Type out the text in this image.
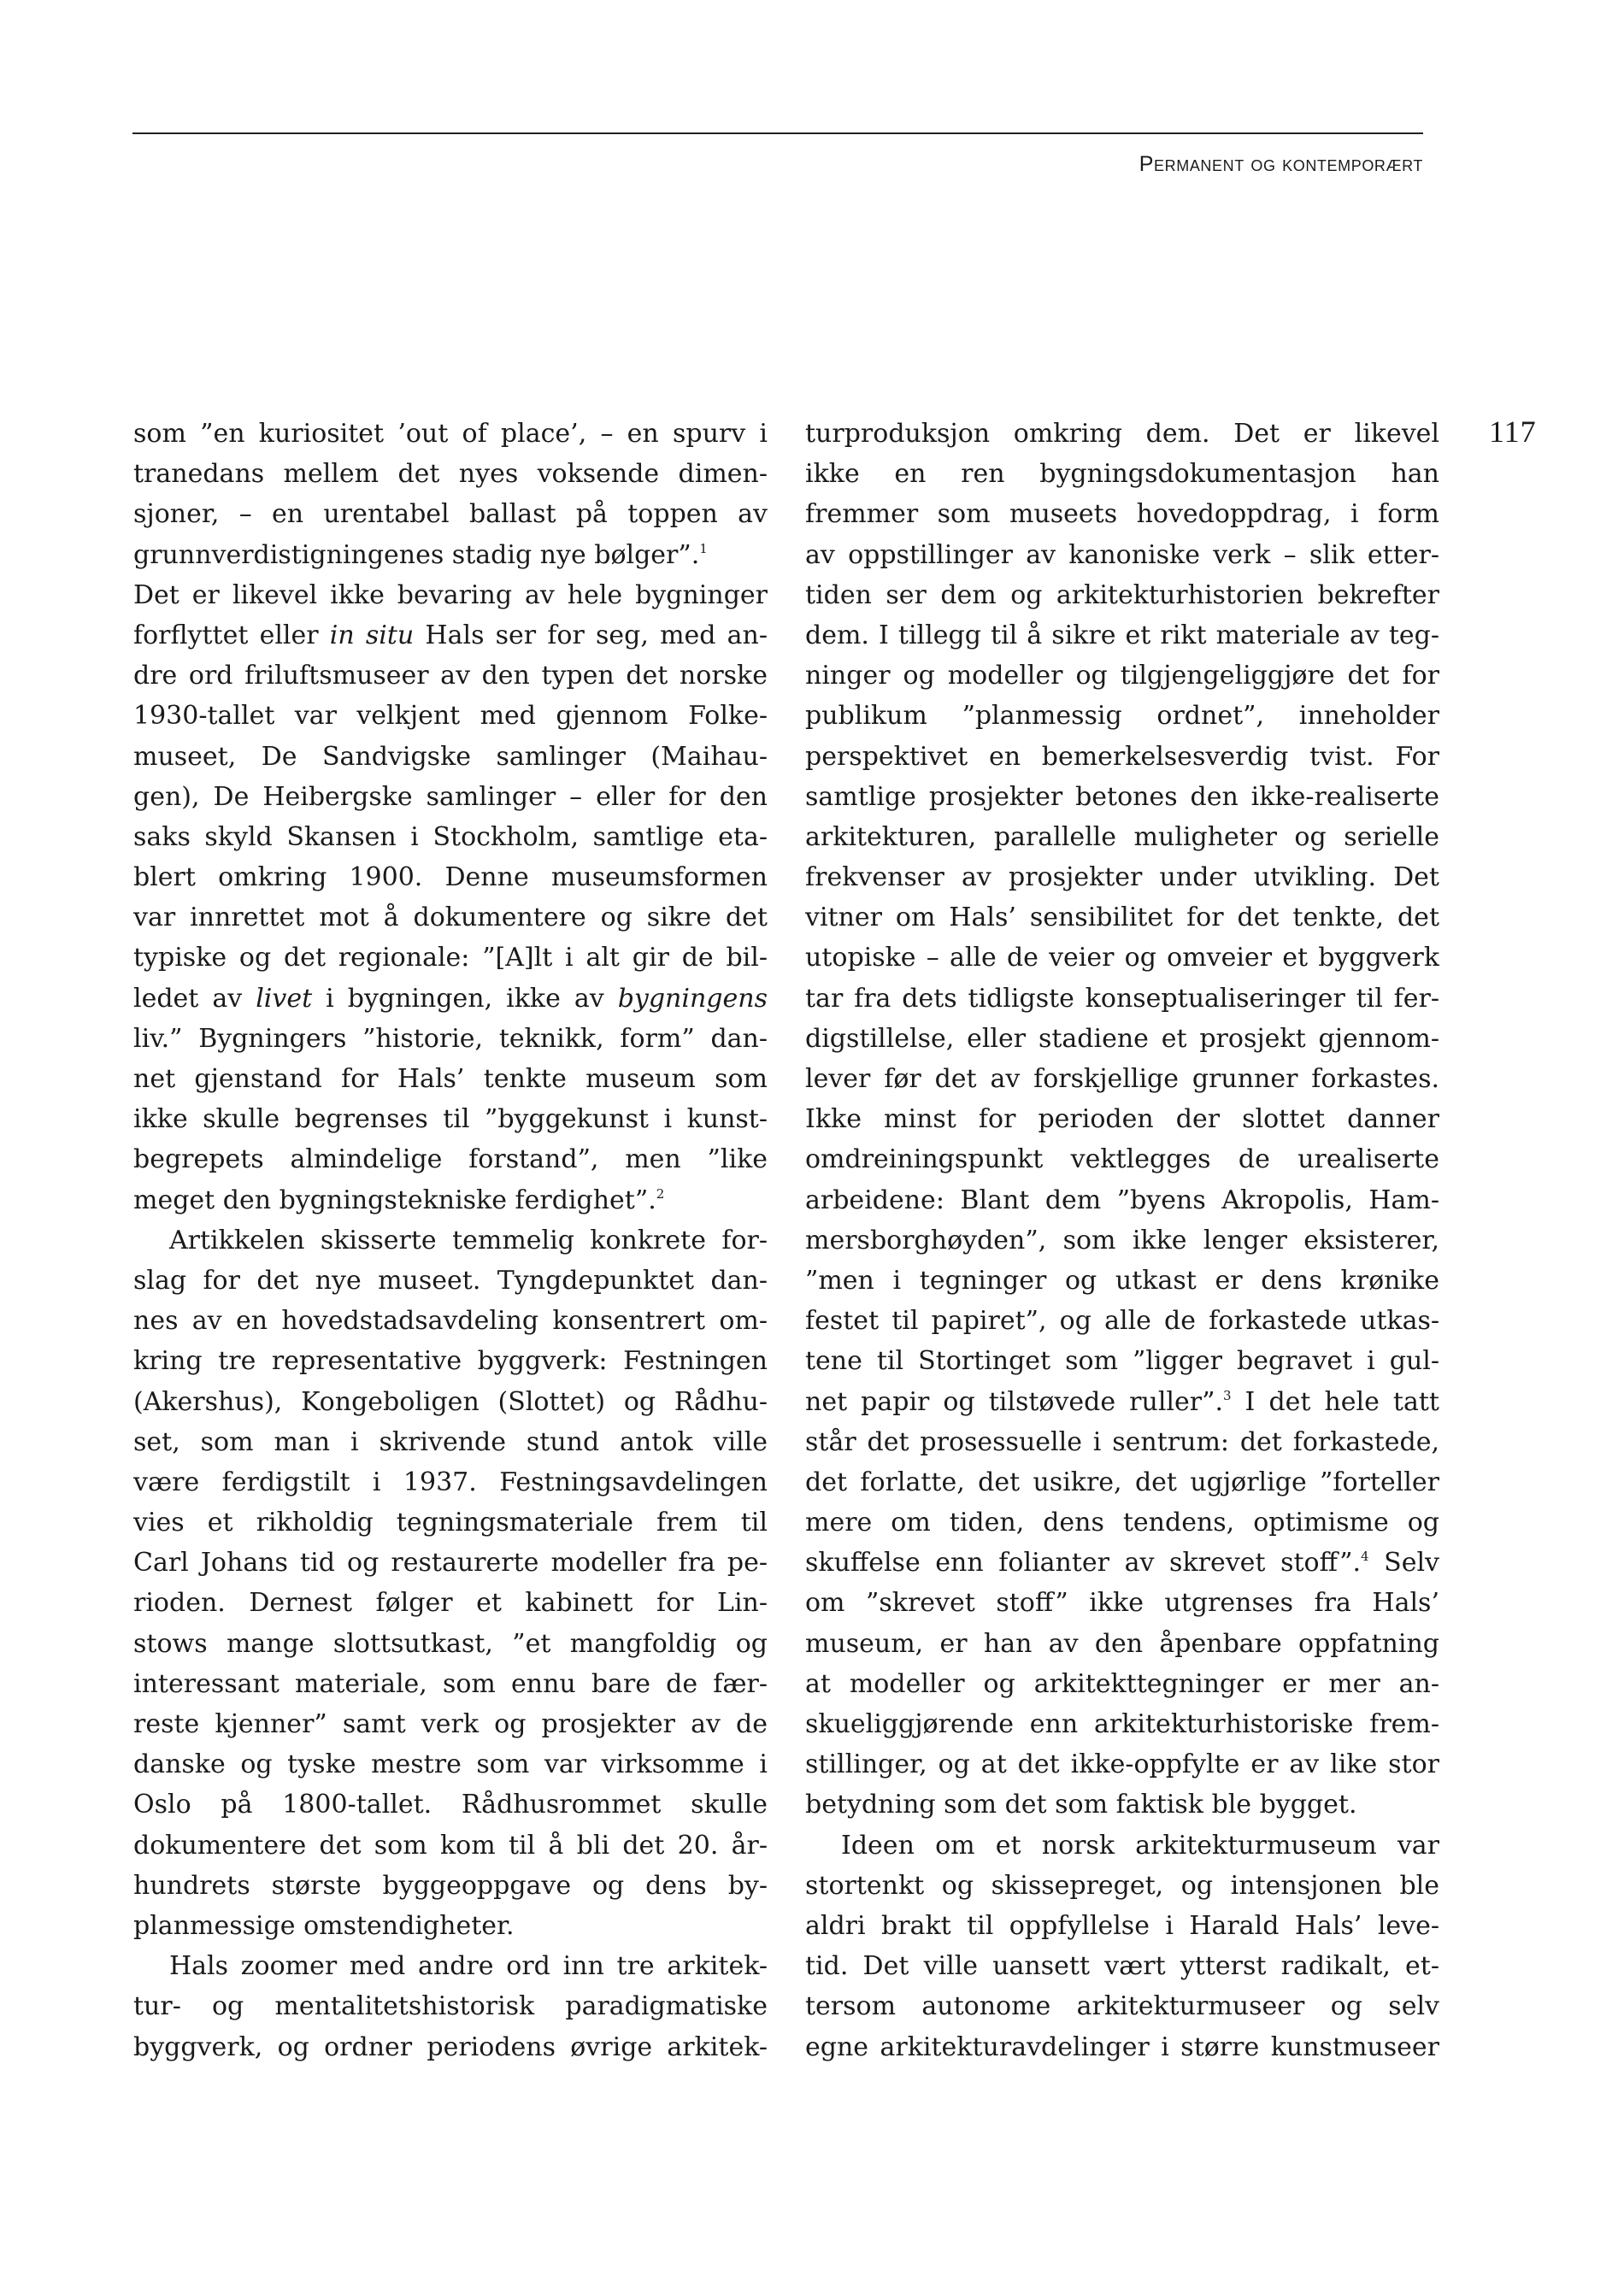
Permanent og kontemporært
117
som ”en kuriositet ’out of place’, – en spurv i
tranedans mellem det nyes voksende dimen-
sjoner, – en urentabel ballast på toppen av
grunnverdistigningenes stadig nye bølger”.$^1$
Det er likevel ikke bevaring av hele bygninger
forflyttet eller in situ Hals ser for seg, med an-
dre ord friluftsmuseer av den typen det norske
1930-tallet var velkjent med gjennom Folke-
museet, De Sandvigske samlinger (Maihau-
gen), De Heibergske samlinger – eller for den
saks skyld Skansen i Stockholm, samtlige eta-
blert omkring 1900. Denne museumsformen
var innrettet mot å dokumentere og sikre det
typiske og det regionale: ”[A]lt i alt gir de bil-
ledet av livet i bygningen, ikke av bygningens
liv.” Bygningers ”historie, teknikk, form” dan-
net gjenstand for Hals’ tenkte museum som
ikke skulle begrenses til ”byggekunst i kunst-
begrepets almindelige forstand”, men ”like
meget den bygningstekniske ferdighet”.$^2$
Artikkelen skisserte temmelig konkrete for-
slag for det nye museet. Tyngdepunktet dan-
nes av en hovedstadsavdeling konsentrert om-
kring tre representative byggverk: Festningen
(Akershus), Kongeboligen (Slottet) og Rådhu-
set, som man i skrivende stund antok ville
være ferdigstilt i 1937. Festningsavdelingen
vies et rikholdig tegningsmateriale frem til
Carl Johans tid og restaurerte modeller fra pe-
rioden. Dernest følger et kabinett for Lin-
stows mange slottsutkast, ”et mangfoldig og
interessant materiale, som ennu bare de fær-
reste kjenner” samt verk og prosjekter av de
danske og tyske mestre som var virksomme i
Oslo på 1800-tallet. Rådhusrommet skulle
dokumentere det som kom til å bli det 20. år-
hundrets største byggeoppgave og dens by-
planmessige omstendigheter.
Hals zoomer med andre ord inn tre arkitek-
tur- og mentalitetshistorisk paradigmatiske
byggverk, og ordner periodens øvrige arkitek-
turproduksjon omkring dem. Det er likevel
ikke en ren bygningsdokumentasjon han
fremmer som museets hovedoppdrag, i form
av oppstillinger av kanoniske verk – slik etter-
tiden ser dem og arkitekturhistorien bekrefter
dem. I tillegg til å sikre et rikt materiale av teg-
ninger og modeller og tilgjengeliggjøre det for
publikum ”planmessig ordnet”, inneholder
perspektivet en bemerkelsesverdig tvist. For
samtlige prosjekter betones den ikke-realiserte
arkitekturen, parallelle muligheter og serielle
frekvenser av prosjekter under utvikling. Det
vitner om Hals’ sensibilitet for det tenkte, det
utopiske – alle de veier og omveier et byggverk
tar fra dets tidligste konseptualiseringer til fer-
digstillelse, eller stadiene et prosjekt gjennom-
lever før det av forskjellige grunner forkastes.
Ikke minst for perioden der slottet danner
omdreiningspunkt vektlegges de urealiserte
arbeidene: Blant dem ”byens Akropolis, Ham-
mersborghøyden”, som ikke lenger eksisterer,
”men i tegninger og utkast er dens krønike
festet til papiret”, og alle de forkastede utkas-
tene til Stortinget som ”ligger begravet i gul-
net papir og tilstøvede ruller”.$^3$ I det hele tatt
står det prosessuelle i sentrum: det forkastede,
det forlatte, det usikre, det ugjørlige ”forteller
mere om tiden, dens tendens, optimisme og
skuffelse enn folianter av skrevet stoff”.$^4$ Selv
om ”skrevet stoff” ikke utgrenses fra Hals’
museum, er han av den åpenbare oppfatning
at modeller og arkitekttegninger er mer an-
skueliggjørende enn arkitekturhistoriske frem-
stillinger, og at det ikke-oppfylte er av like stor
betydning som det som faktisk ble bygget.
Ideen om et norsk arkitekturmuseum var
stortenkt og skissepreget, og intensjonen ble
aldri brakt til oppfyllelse i Harald Hals’ leve-
tid. Det ville uansett vært ytterst radikalt, et-
tersom autonome arkitekturmuseer og selv
egne arkitekturavdelinger i større kunstmuseer
